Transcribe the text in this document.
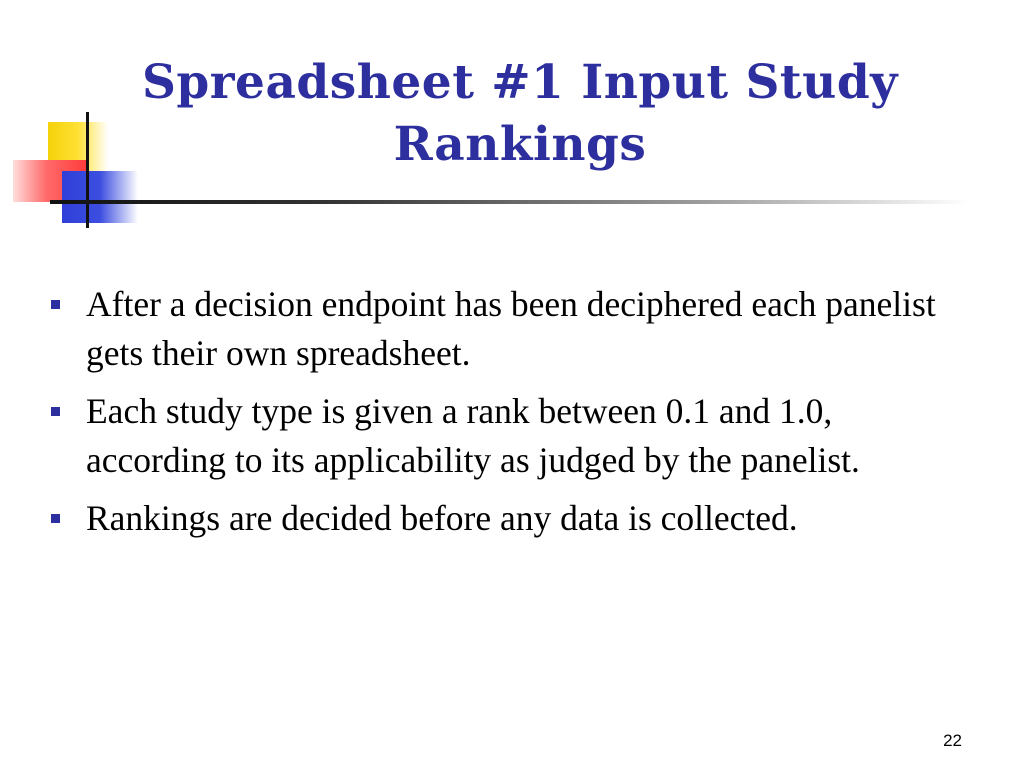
Spreadsheet #1 Input Study
Rankings
After a decision endpoint has been deciphered each panelist gets their own spreadsheet.
Each study type is given a rank between 0.1 and 1.0, according to its applicability as judged by the panelist.
Rankings are decided before any data is collected.
22
